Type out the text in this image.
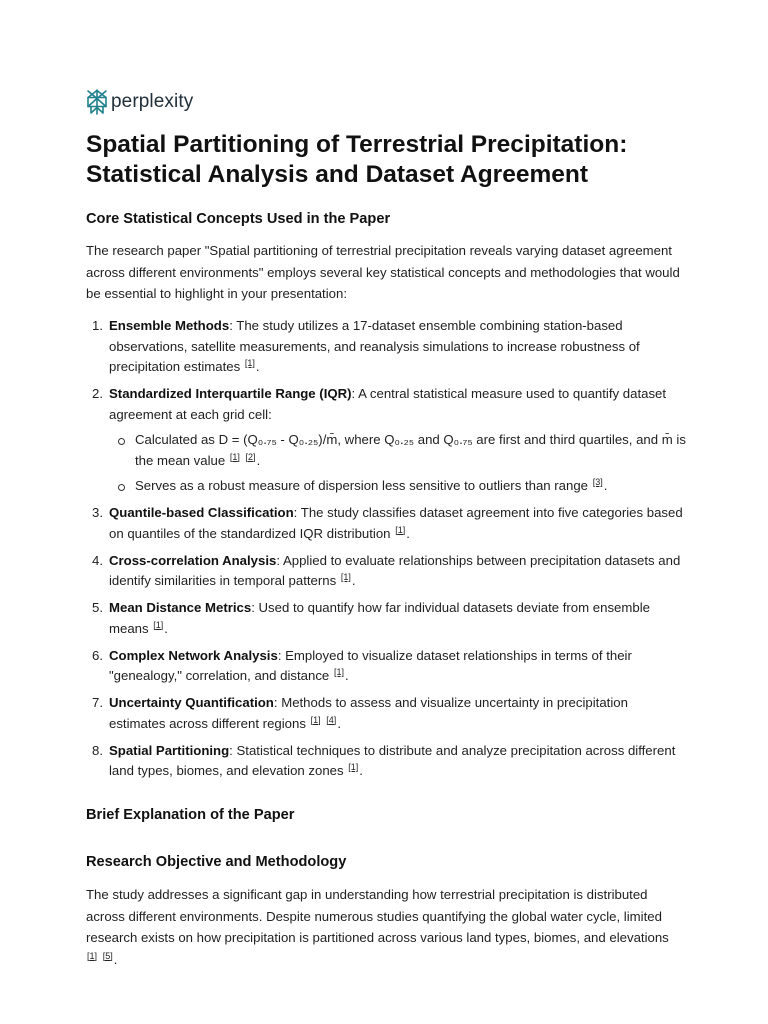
perplexity
Spatial Partitioning of Terrestrial Precipitation: Statistical Analysis and Dataset Agreement
Core Statistical Concepts Used in the Paper

The research paper "Spatial partitioning of terrestrial precipitation reveals varying dataset agreement across different environments" employs several key statistical concepts and methodologies that would be essential to highlight in your presentation:

1. Ensemble Methods: The study utilizes a 17-dataset ensemble combining station-based observations, satellite measurements, and reanalysis simulations to increase robustness of precipitation estimates [1].
2. Standardized Interquartile Range (IQR): A central statistical measure used to quantify dataset agreement at each grid cell:
Calculated as D = (Q₀.₇₅ - Q₀.₂₅)/m̄, where Q₀.₂₅ and Q₀.₇₅ are first and third quartiles, and m̄ is the mean value [1] [2].
Serves as a robust measure of dispersion less sensitive to outliers than range [3].
3. Quantile-based Classification: The study classifies dataset agreement into five categories based on quantiles of the standardized IQR distribution [1].
4. Cross-correlation Analysis: Applied to evaluate relationships between precipitation datasets and identify similarities in temporal patterns [1].
5. Mean Distance Metrics: Used to quantify how far individual datasets deviate from ensemble means [1].
6. Complex Network Analysis: Employed to visualize dataset relationships in terms of their "genealogy," correlation, and distance [1].
7. Uncertainty Quantification: Methods to assess and visualize uncertainty in precipitation estimates across different regions [1] [4].
8. Spatial Partitioning: Statistical techniques to distribute and analyze precipitation across different land types, biomes, and elevation zones [1].
Brief Explanation of the Paper
Research Objective and Methodology

The study addresses a significant gap in understanding how terrestrial precipitation is distributed across different environments. Despite numerous studies quantifying the global water cycle, limited research exists on how precipitation is partitioned across various land types, biomes, and elevations [1] [5].
